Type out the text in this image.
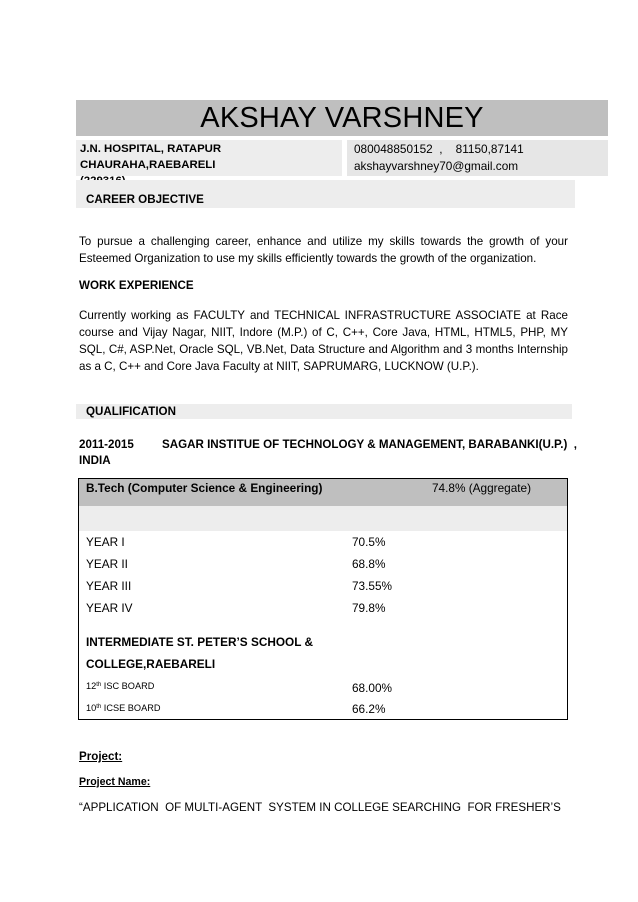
AKSHAY VARSHNEY
J.N. HOSPITAL, RATAPUR CHAURAHA,RAEBARELI
080048850152  ,    81150,87141
akshayvarshney70@gmail.com
CAREER OBJECTIVE
To pursue a challenging career, enhance and utilize my skills towards the growth of your Esteemed Organization to use my skills efficiently towards the growth of the organization.
WORK EXPERIENCE
Currently working as FACULTY and TECHNICAL INFRASTRUCTURE ASSOCIATE at Race course and Vijay Nagar, NIIT, Indore (M.P.) of C, C++, Core Java, HTML, HTML5, PHP, MY SQL, C#, ASP.Net, Oracle SQL, VB.Net, Data Structure and Algorithm and 3 months Internship as a C, C++ and Core Java Faculty at NIIT, SAPRUMARG, LUCKNOW (U.P.).
QUALIFICATION
2011-2015 SAGAR INSTITUE OF TECHNOLOGY & MANAGEMENT, BARABANKI(U.P.)  ,
INDIA
B.Tech (Computer Science & Engineering)	74.8% (Aggregate)

YEAR I	70.5%
YEAR II	68.8%
YEAR III	73.55%
YEAR IV	79.8%

INTERMEDIATE ST. PETER’S SCHOOL &	
COLLEGE,RAEBARELI	
12th ISC BOARD	68.00%
10th ICSE BOARD	66.2%
Project:
Project Name:
“APPLICATION  OF MULTI-AGENT  SYSTEM IN COLLEGE SEARCHING  FOR FRESHER’S
